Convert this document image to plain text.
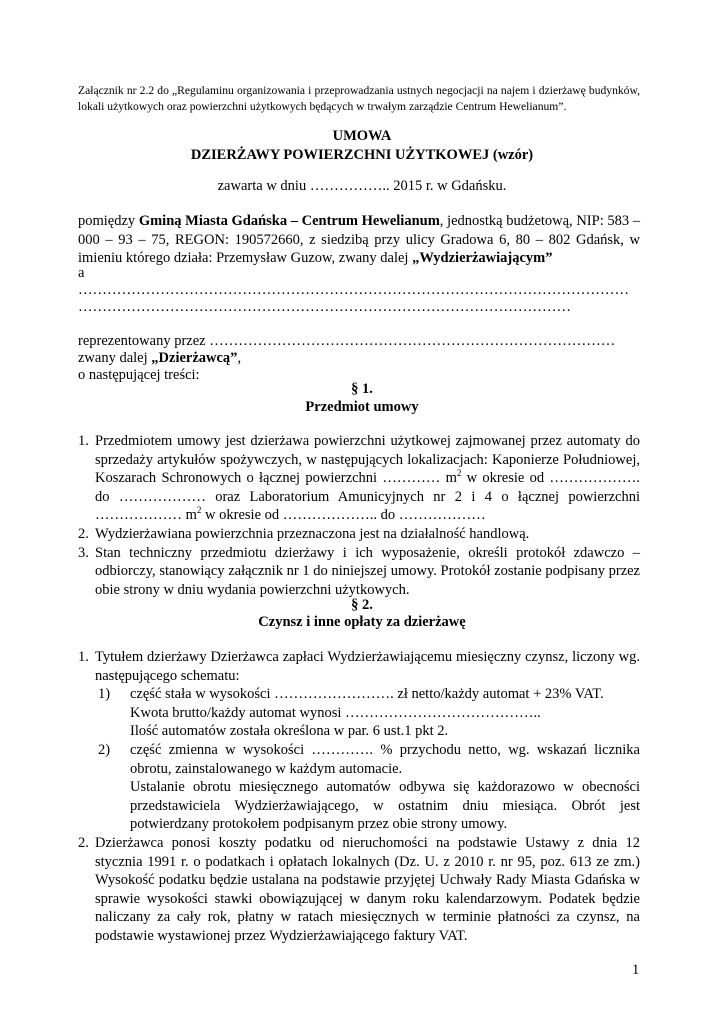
Załącznik nr 2.2 do „Regulaminu organizowania i przeprowadzania ustnych negocjacji na najem i dzierżawę budynków, lokali użytkowych oraz powierzchni użytkowych będących w trwałym zarządzie Centrum Hewelianum”.
UMOWA
DZIERŻAWY POWIERZCHNI UŻYTKOWEJ (wzór)
zawarta w dniu …………….. 2015 r. w Gdańsku.
pomiędzy Gminą Miasta Gdańska – Centrum Hewelianum, jednostką budżetową, NIP: 583 – 000 – 93 – 75, REGON: 190572660, z siedzibą przy ulicy Gradowa 6, 80 – 802 Gdańsk, w imieniu którego działa: Przemysław Guzow, zwany dalej „Wydzierżawiającym”
a
……………………………………………………………………………………………………
…………………………………………………………………………………………
reprezentowany przez …………………………………………………………………………
zwany dalej „Dzierżawcą”,
o następującej treści:
§ 1.
Przedmiot umowy
1. Przedmiotem umowy jest dzierżawa powierzchni użytkowej zajmowanej przez automaty do sprzedaży artykułów spożywczych, w następujących lokalizacjach: Kaponierze Południowej, Koszarach Schronowych o łącznej powierzchni ………… $m^2$ w okresie od ………………. do ……………… oraz Laboratorium Amunicyjnych nr 2 i 4 o łącznej powierzchni ……………… $m^2$ w okresie od ……………….. do ………………
2. Wydzierżawiana powierzchnia przeznaczona jest na działalność handlową.
3. Stan techniczny przedmiotu dzierżawy i ich wyposażenie, określi protokół zdawczo – odbiorczy, stanowiący załącznik nr 1 do niniejszej umowy. Protokół zostanie podpisany przez obie strony w dniu wydania powierzchni użytkowych.
§ 2.
Czynsz i inne opłaty za dzierżawę
1. Tytułem dzierżawy Dzierżawca zapłaci Wydzierżawiającemu miesięczny czynsz, liczony wg. następującego schematu:
1) część stała w wysokości ……………………. zł netto/każdy automat + 23% VAT.
Kwota brutto/każdy automat wynosi …………………………………..
Ilość automatów została określona w par. 6 ust.1 pkt 2.
2) część zmienna w wysokości …………. % przychodu netto, wg. wskazań licznika obrotu, zainstalowanego w każdym automacie.
Ustalanie obrotu miesięcznego automatów odbywa się każdorazowo w obecności przedstawiciela Wydzierżawiającego, w ostatnim dniu miesiąca. Obrót jest potwierdzany protokołem podpisanym przez obie strony umowy.
2. Dzierżawca ponosi koszty podatku od nieruchomości na podstawie Ustawy z dnia 12 stycznia 1991 r. o podatkach i opłatach lokalnych (Dz. U. z 2010 r. nr 95, poz. 613 ze zm.) Wysokość podatku będzie ustalana na podstawie przyjętej Uchwały Rady Miasta Gdańska w sprawie wysokości stawki obowiązującej w danym roku kalendarzowym. Podatek będzie naliczany za cały rok, płatny w ratach miesięcznych w terminie płatności za czynsz, na podstawie wystawionej przez Wydzierżawiającego faktury VAT.
1
